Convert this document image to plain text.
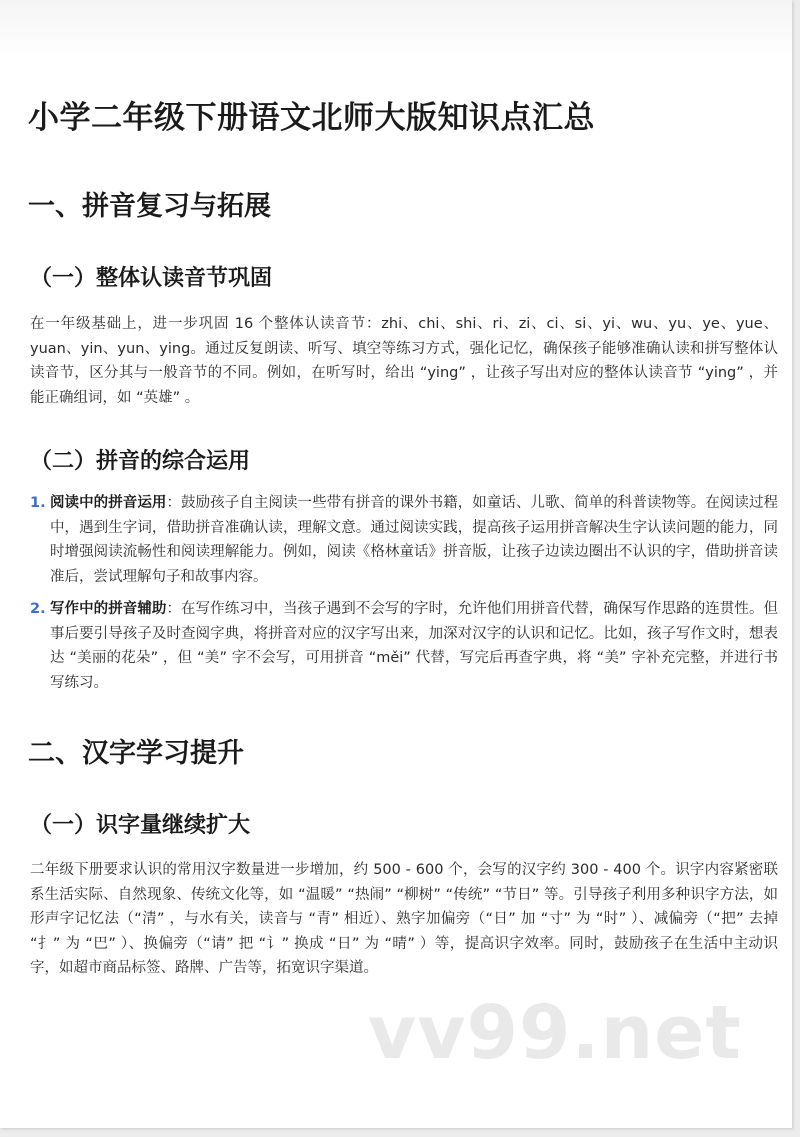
小学二年级下册语文北师大版知识点汇总
一、拼音复习与拓展
（一）整体认读音节巩固

在一年级基础上，进一步巩固 16 个整体认读音节：zhi、chi、shi、ri、zi、ci、si、yi、wu、yu、ye、yue、yuan、yin、yun、ying。通过反复朗读、听写、填空等练习方式，强化记忆，确保孩子能够准确认读和拼写整体认读音节，区分其与一般音节的不同。例如，在听写时，给出 “ying” ，让孩子写出对应的整体认读音节 “ying” ，并能正确组词，如 “英雄” 。

（二）拼音的综合运用
1. 阅读中的拼音运用：鼓励孩子自主阅读一些带有拼音的课外书籍，如童话、儿歌、简单的科普读物等。在阅读过程中，遇到生字词，借助拼音准确认读，理解文意。通过阅读实践，提高孩子运用拼音解决生字认读问题的能力，同时增强阅读流畅性和阅读理解能力。例如，阅读《格林童话》拼音版，让孩子边读边圈出不认识的字，借助拼音读准后，尝试理解句子和故事内容。

2. 写作中的拼音辅助：在写作练习中，当孩子遇到不会写的字时，允许他们用拼音代替，确保写作思路的连贯性。但事后要引导孩子及时查阅字典，将拼音对应的汉字写出来，加深对汉字的认识和记忆。比如，孩子写作文时，想表达 “美丽的花朵” ，但 “美” 字不会写，可用拼音 “měi” 代替，写完后再查字典，将 “美” 字补充完整，并进行书写练习。

二、汉字学习提升
（一）识字量继续扩大

二年级下册要求认识的常用汉字数量进一步增加，约 500 - 600 个，会写的汉字约 300 - 400 个。识字内容紧密联系生活实际、自然现象、传统文化等，如 “温暖” “热闹” “柳树” “传统” “节日” 等。引导孩子利用多种识字方法，如形声字记忆法（“清” ，与水有关，读音与 “青” 相近）、熟字加偏旁（“日” 加 “寸” 为 “时” ）、减偏旁（“把” 去掉 “扌” 为 “巴” ）、换偏旁（“请” 把 “讠” 换成 “日” 为 “晴” ）等，提高识字效率。同时，鼓励孩子在生活中主动识字，如超市商品标签、路牌、广告等，拓宽识字渠道。

vv99.net
